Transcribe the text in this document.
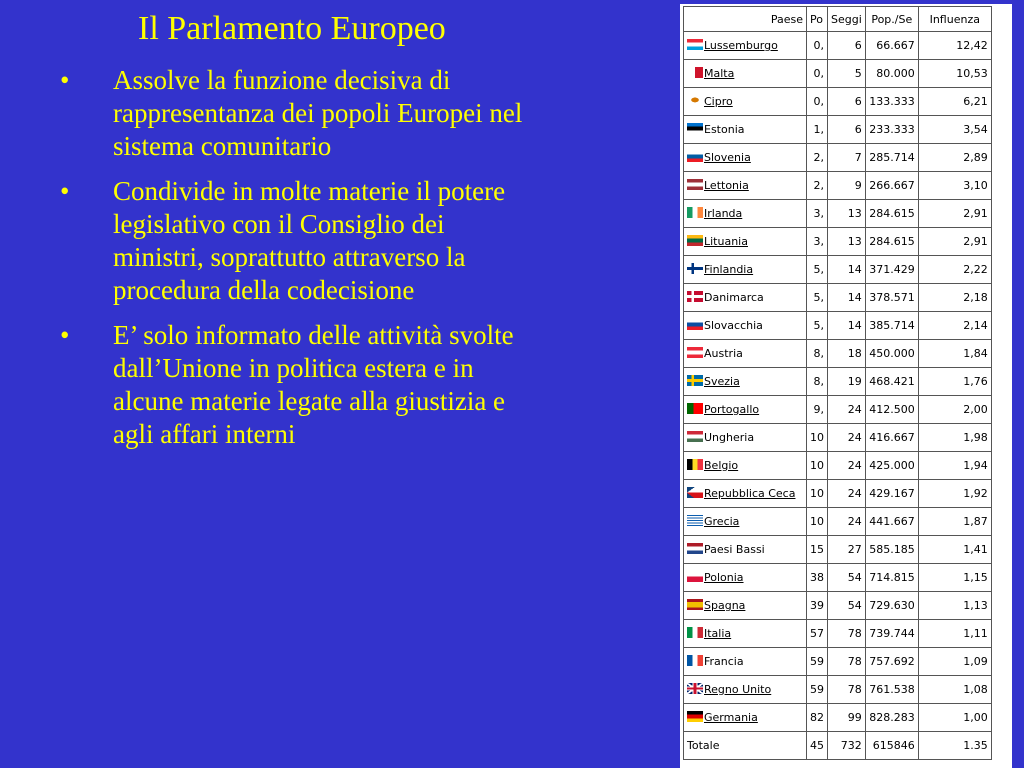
Il Parlamento Europeo
• Assolve la funzione decisiva di rappresentanza dei popoli Europei nel sistema comunitario
• Condivide in molte materie il potere legislativo con il Consiglio dei ministri, soprattutto attraverso la procedura della codecisione
• E’ solo informato delle attività svolte dall’Unione in politica estera e in alcune materie legate alla giustizia e agli affari interni
Paese	Po	Seggi	Pop./Se	Influenza
Lussemburgo	0,	6	66.667	12,42
Malta	0,	5	80.000	10,53
Cipro	0,	6	133.333	6,21
Estonia	1,	6	233.333	3,54
Slovenia	2,	7	285.714	2,89
Lettonia	2,	9	266.667	3,10
Irlanda	3,	13	284.615	2,91
Lituania	3,	13	284.615	2,91
Finlandia	5,	14	371.429	2,22
Danimarca	5,	14	378.571	2,18
Slovacchia	5,	14	385.714	2,14
Austria	8,	18	450.000	1,84
Svezia	8,	19	468.421	1,76
Portogallo	9,	24	412.500	2,00
Ungheria	10	24	416.667	1,98
Belgio	10	24	425.000	1,94
Repubblica Ceca	10	24	429.167	1,92
Grecia	10	24	441.667	1,87
Paesi Bassi	15	27	585.185	1,41
Polonia	38	54	714.815	1,15
Spagna	39	54	729.630	1,13
Italia	57	78	739.744	1,11
Francia	59	78	757.692	1,09
Regno Unito	59	78	761.538	1,08
Germania	82	99	828.283	1,00
Totale	45	732	615846	1.35
